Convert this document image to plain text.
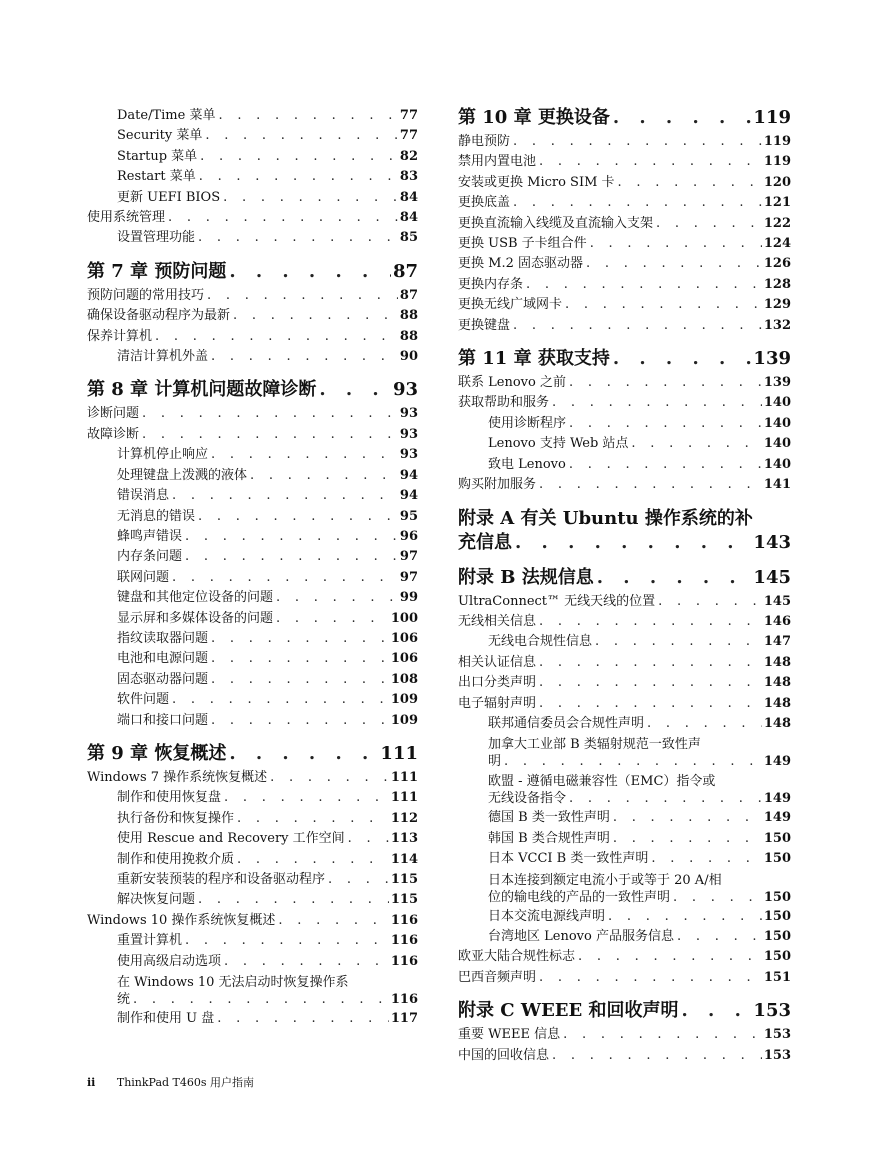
Date/Time 菜单 . . .	77
Security 菜单 . . .	77
Startup 菜单 . . .	82
Restart 菜单 . . .	83
更新 UEFI BIOS . . .	84
使用系统管理 . . .	84
设置管理功能 . . .	85
第 7 章 预防问题 . . .	87
预防问题的常用技巧 . . .	87
确保设备驱动程序为最新 . . .	88
保养计算机 . . .	88
清洁计算机外盖 . . .	90
第 8 章 计算机问题故障诊断 . . .	93
诊断问题 . . .	93
故障诊断 . . .	93
计算机停止响应 . . .	93
处理键盘上泼溅的液体 . . .	94
错误消息 . . .	94
无消息的错误 . . .	95
蜂鸣声错误 . . .	96
内存条问题 . . .	97
联网问题 . . .	97
键盘和其他定位设备的问题 . . .	99
显示屏和多媒体设备的问题 . . .	100
指纹读取器问题 . . .	106
电池和电源问题 . . .	106
固态驱动器问题 . . .	108
软件问题 . . .	109
端口和接口问题 . . .	109
第 9 章 恢复概述 . . .	111
Windows 7 操作系统恢复概述 . . .	111
制作和使用恢复盘 . . .	111
执行备份和恢复操作 . . .	112
使用 Rescue and Recovery 工作空间 . . .	113
制作和使用挽救介质 . . .	114
重新安装预装的程序和设备驱动程序 . . .	115
解决恢复问题 . . .	115
Windows 10 操作系统恢复概述 . . .	116
重置计算机 . . .	116
使用高级启动选项 . . .	116
在 Windows 10 无法启动时恢复操作系
统 . . .	116
制作和使用 U 盘 . . .	117
第 10 章 更换设备 . . .	119
静电预防 . . .	119
禁用内置电池 . . .	119
安装或更换 Micro SIM 卡 . . .	120
更换底盖 . . .	121
更换直流输入线缆及直流输入支架 . . .	122
更换 USB 子卡组合件 . . .	124
更换 M.2 固态驱动器 . . .	126
更换内存条 . . .	128
更换无线广域网卡 . . .	129
更换键盘 . . .	132
第 11 章 获取支持 . . .	139
联系 Lenovo 之前 . . .	139
获取帮助和服务 . . .	140
使用诊断程序 . . .	140
Lenovo 支持 Web 站点 . . .	140
致电 Lenovo . . .	140
购买附加服务 . . .	141
附录 A 有关 Ubuntu 操作系统的补
充信息 . . .	143
附录 B 法规信息 . . .	145
UltraConnect™ 无线天线的位置 . . .	145
无线相关信息 . . .	146
无线电合规性信息 . . .	147
相关认证信息 . . .	148
出口分类声明 . . .	148
电子辐射声明 . . .	148
联邦通信委员会合规性声明 . . .	148
加拿大工业部 B 类辐射规范一致性声
明 . . .	149
欧盟 - 遵循电磁兼容性（EMC）指令或
无线设备指令 . . .	149
德国 B 类一致性声明 . . .	149
韩国 B 类合规性声明 . . .	150
日本 VCCI B 类一致性声明 . . .	150
日本连接到额定电流小于或等于 20 A/相
位的输电线的产品的一致性声明 . . .	150
日本交流电源线声明 . . .	150
台湾地区 Lenovo 产品服务信息 . . .	150
欧亚大陆合规性标志 . . .	150
巴西音频声明 . . .	151
附录 C WEEE 和回收声明 . . .	153
重要 WEEE 信息 . . .	153
中国的回收信息 . . .	153
ii ThinkPad T460s 用户指南
